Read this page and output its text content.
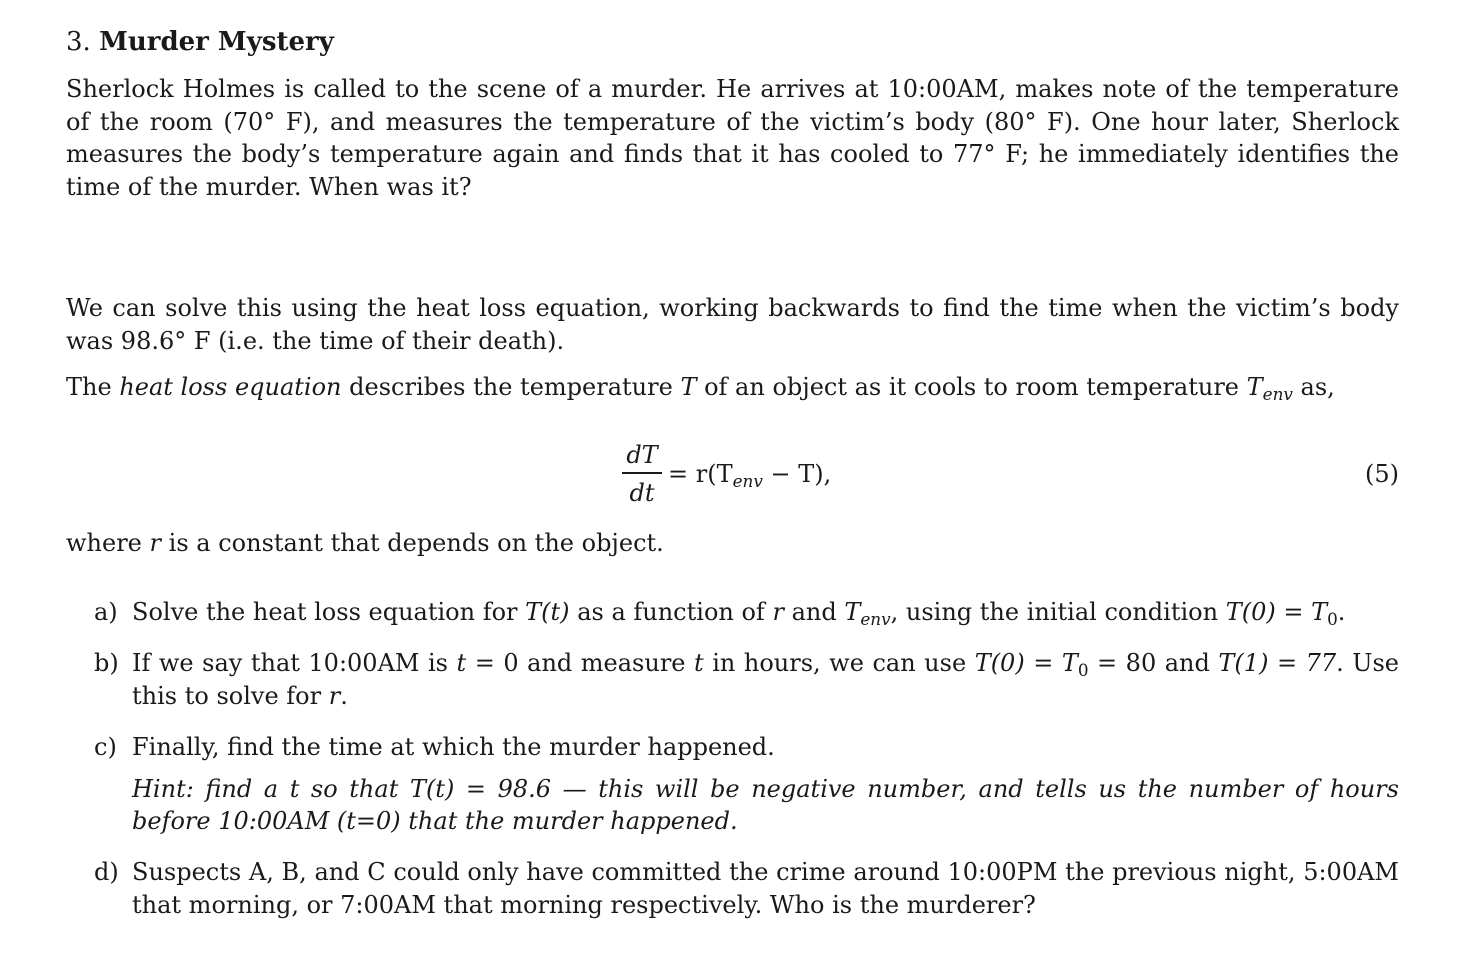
3. Murder Mystery
Sherlock Holmes is called to the scene of a murder. He arrives at 10:00AM, makes note of the temperature of the room (70° F), and measures the temperature of the victim’s body (80° F). One hour later, Sherlock measures the body’s temperature again and finds that it has cooled to 77° F; he immediately identifies the time of the murder. When was it?
We can solve this using the heat loss equation, working backwards to find the time when the victim’s body was 98.6° F (i.e. the time of their death).
The heat loss equation describes the temperature T of an object as it cools to room temperature $T_{env}$ as,
dT
dt
= $r(T_{env} - T)$,	(5)
where r is a constant that depends on the object.
a) Solve the heat loss equation for T(t) as a function of r and $T_{env}$, using the initial condition $T(0) = T_0$.
b) If we say that 10:00AM is t = 0 and measure t in hours, we can use $T(0) = T_0 = 80$ and T(1) = 77. Use this to solve for r.
c) Finally, find the time at which the murder happened.
Hint: find a t so that T(t) = 98.6 — this will be negative number, and tells us the number of hours before 10:00AM (t=0) that the murder happened.
d) Suspects A, B, and C could only have committed the crime around 10:00PM the previous night, 5:00AM that morning, or 7:00AM that morning respectively. Who is the murderer?
